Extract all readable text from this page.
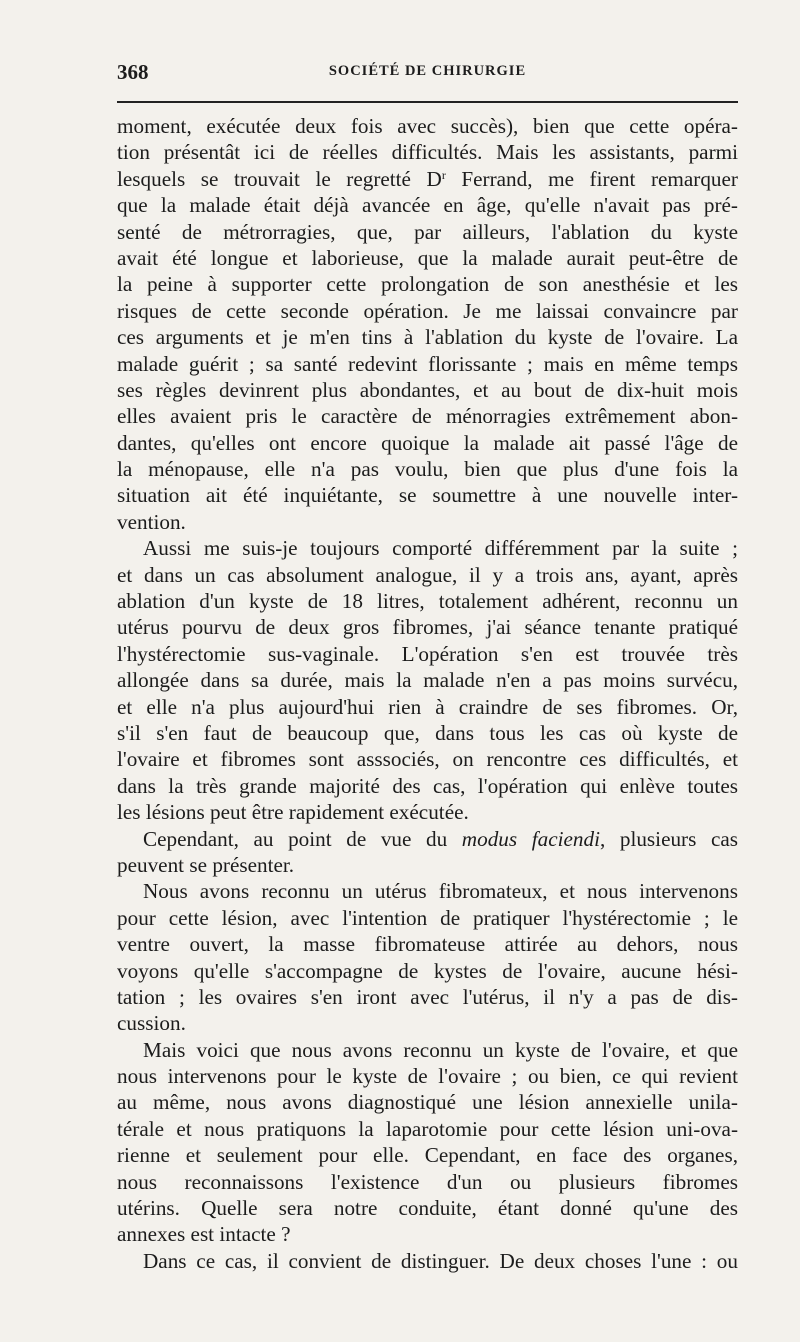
368	SOCIÉTÉ DE CHIRURGIE
moment, exécutée deux fois avec succès), bien que cette opéra-
tion présentât ici de réelles difficultés. Mais les assistants, parmi
lesquels se trouvait le regretté $D^r$ Ferrand, me firent remarquer
que la malade était déjà avancée en âge, qu'elle n'avait pas pré-
senté de métrorragies, que, par ailleurs, l'ablation du kyste
avait été longue et laborieuse, que la malade aurait peut-être de
la peine à supporter cette prolongation de son anesthésie et les
risques de cette seconde opération. Je me laissai convaincre par
ces arguments et je m'en tins à l'ablation du kyste de l'ovaire. La
malade guérit ; sa santé redevint florissante ; mais en même temps
ses règles devinrent plus abondantes, et au bout de dix-huit mois
elles avaient pris le caractère de ménorragies extrêmement abon-
dantes, qu'elles ont encore quoique la malade ait passé l'âge de
la ménopause, elle n'a pas voulu, bien que plus d'une fois la
situation ait été inquiétante, se soumettre à une nouvelle inter-
vention.
Aussi me suis-je toujours comporté différemment par la suite ;
et dans un cas absolument analogue, il y a trois ans, ayant, après
ablation d'un kyste de 18 litres, totalement adhérent, reconnu un
utérus pourvu de deux gros fibromes, j'ai séance tenante pratiqué
l'hystérectomie sus-vaginale. L'opération s'en est trouvée très
allongée dans sa durée, mais la malade n'en a pas moins survécu,
et elle n'a plus aujourd'hui rien à craindre de ses fibromes. Or,
s'il s'en faut de beaucoup que, dans tous les cas où kyste de
l'ovaire et fibromes sont asssociés, on rencontre ces difficultés, et
dans la très grande majorité des cas, l'opération qui enlève toutes
les lésions peut être rapidement exécutée.
Cependant, au point de vue du modus faciendi, plusieurs cas
peuvent se présenter.
Nous avons reconnu un utérus fibromateux, et nous intervenons
pour cette lésion, avec l'intention de pratiquer l'hystérectomie ; le
ventre ouvert, la masse fibromateuse attirée au dehors, nous
voyons qu'elle s'accompagne de kystes de l'ovaire, aucune hési-
tation ; les ovaires s'en iront avec l'utérus, il n'y a pas de dis-
cussion.
Mais voici que nous avons reconnu un kyste de l'ovaire, et que
nous intervenons pour le kyste de l'ovaire ; ou bien, ce qui revient
au même, nous avons diagnostiqué une lésion annexielle unila-
térale et nous pratiquons la laparotomie pour cette lésion uni-ova-
rienne et seulement pour elle. Cependant, en face des organes,
nous reconnaissons l'existence d'un ou plusieurs fibromes
utérins. Quelle sera notre conduite, étant donné qu'une des
annexes est intacte ?
Dans ce cas, il convient de distinguer. De deux choses l'une : ou
